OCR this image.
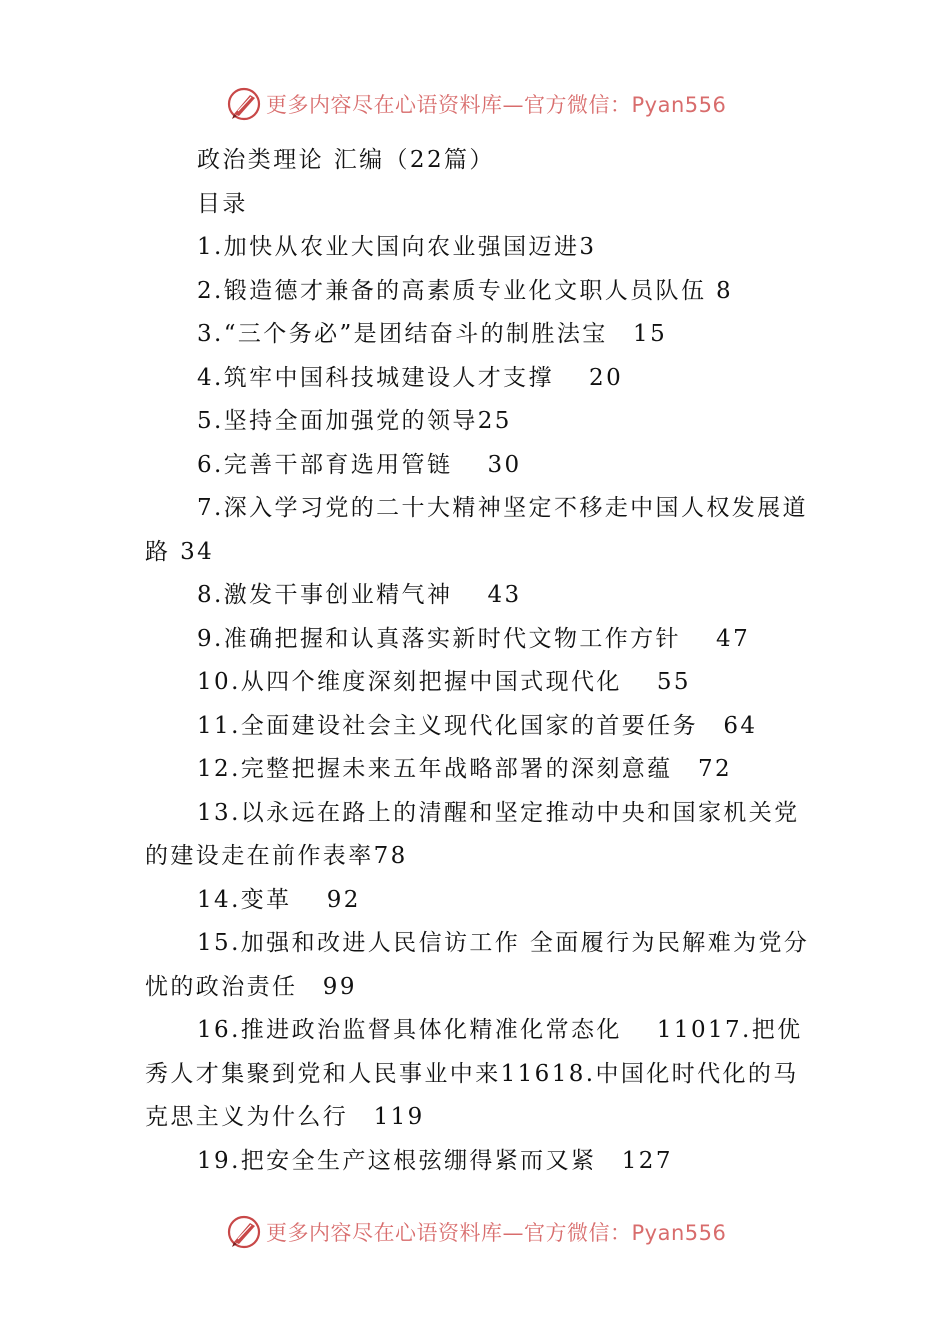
更多内容尽在心语资料库—官方微信：Pyan556

政治类理论 汇编（22篇）

目录

1.加快从农业大国向农业强国迈进3

2.锻造德才兼备的高素质专业化文职人员队伍 8

3.“三个务必”是团结奋斗的制胜法宝　15

4.筑牢中国科技城建设人才支撑　 20

5.坚持全面加强党的领导25

6.完善干部育选用管链　 30

7.深入学习党的二十大精神坚定不移走中国人权发展道路 34

8.激发干事创业精气神　 43

9.准确把握和认真落实新时代文物工作方针　 47

10.从四个维度深刻把握中国式现代化　 55

11.全面建设社会主义现代化国家的首要任务　64

12.完整把握未来五年战略部署的深刻意蕴　72

13.以永远在路上的清醒和坚定推动中央和国家机关党的建设走在前作表率78

14.变革　 92

15.加强和改进人民信访工作 全面履行为民解难为党分忧的政治责任　99

16.推进政治监督具体化精准化常态化　 11017.把优秀人才集聚到党和人民事业中来11618.中国化时代化的马克思主义为什么行　119

19.把安全生产这根弦绷得紧而又紧　127

更多内容尽在心语资料库—官方微信：Pyan556
